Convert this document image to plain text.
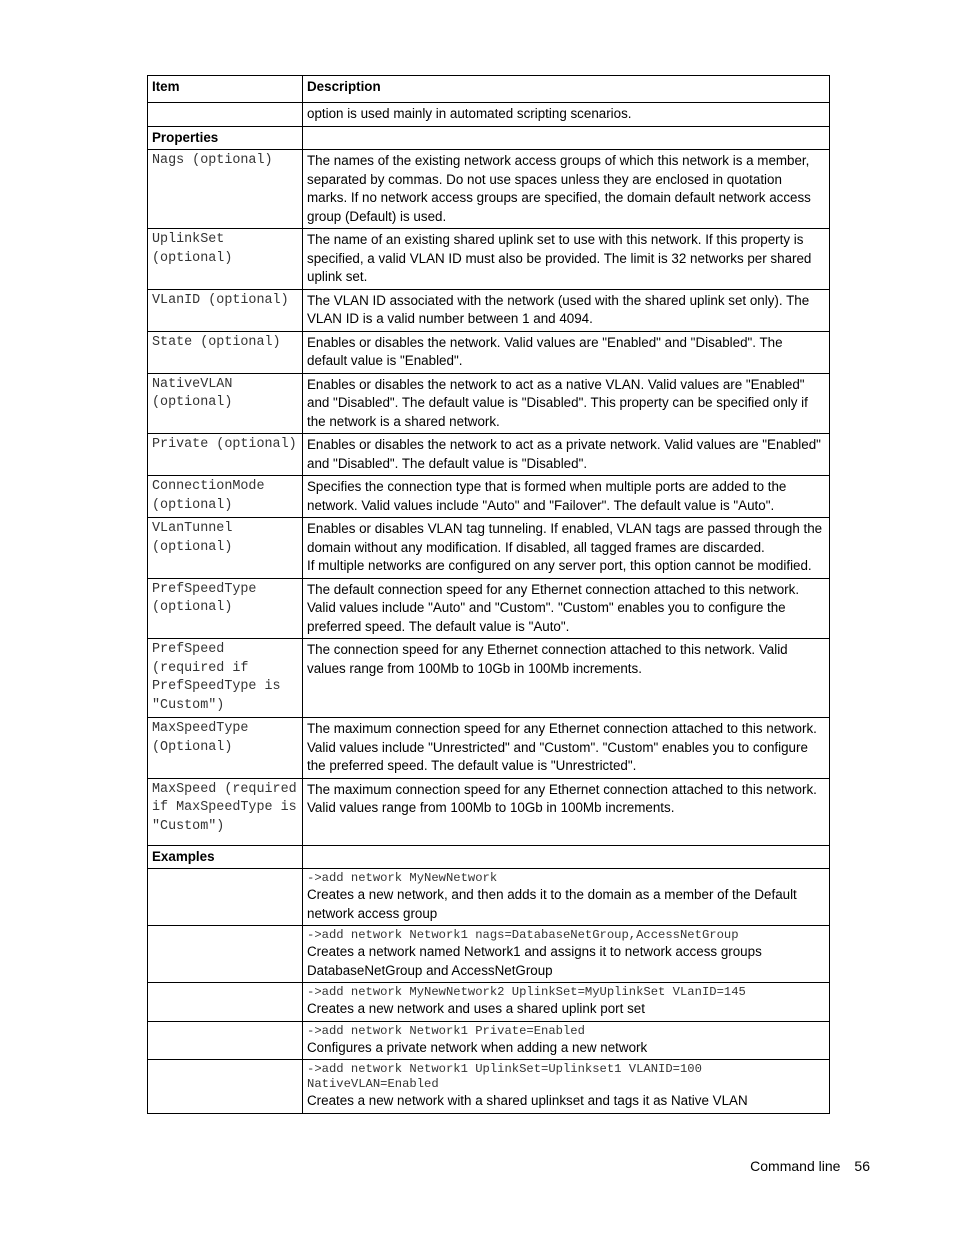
Item	Description
	option is used mainly in automated scripting scenarios.
Properties	
Nags (optional)	The names of the existing network access groups of which this network is a member, separated by commas. Do not use spaces unless they are enclosed in quotation marks. If no network access groups are specified, the domain default network access group (Default) is used.
UplinkSet (optional)	The name of an existing shared uplink set to use with this network. If this property is specified, a valid VLAN ID must also be provided. The limit is 32 networks per shared uplink set.
VLanID (optional)	The VLAN ID associated with the network (used with the shared uplink set only). The VLAN ID is a valid number between 1 and 4094.
State (optional)	Enables or disables the network. Valid values are "Enabled" and "Disabled". The default value is "Enabled".
NativeVLAN (optional)	Enables or disables the network to act as a native VLAN. Valid values are "Enabled" and "Disabled". The default value is "Disabled". This property can be specified only if the network is a shared network.
Private (optional)	Enables or disables the network to act as a private network. Valid values are "Enabled" and "Disabled". The default value is "Disabled".
ConnectionMode (optional)	Specifies the connection type that is formed when multiple ports are added to the network. Valid values include "Auto" and "Failover". The default value is "Auto".
VLanTunnel (optional)	Enables or disables VLAN tag tunneling. If enabled, VLAN tags are passed through the domain without any modification. If disabled, all tagged frames are discarded.
If multiple networks are configured on any server port, this option cannot be modified.

PrefSpeedType (optional)	The default connection speed for any Ethernet connection attached to this network. Valid values include "Auto" and "Custom". "Custom" enables you to configure the preferred speed. The default value is "Auto".
PrefSpeed (required if PrefSpeedType is "Custom")	The connection speed for any Ethernet connection attached to this network. Valid values range from 100Mb to 10Gb in 100Mb increments.
MaxSpeedType (Optional)	The maximum connection speed for any Ethernet connection attached to this network. Valid values include "Unrestricted" and "Custom". "Custom" enables you to configure the preferred speed. The default value is "Unrestricted".
MaxSpeed (required if MaxSpeedType is "Custom")	The maximum connection speed for any Ethernet connection attached to this network. Valid values range from 100Mb to 10Gb in 100Mb increments.
Examples	

	->add network MyNewNetwork
Creates a new network, and then adds it to the domain as a member of the Default network access group

	->add network Network1 nags=DatabaseNetGroup,AccessNetGroup
Creates a network named Network1 and assigns it to network access groups DatabaseNetGroup and AccessNetGroup

	->add network MyNewNetwork2 UplinkSet=MyUplinkSet VLanID=145
Creates a new network and uses a shared uplink port set

	->add network Network1 Private=Enabled
Configures a private network when adding a new network

	->add network Network1 UplinkSet=Uplinkset1 VLANID=100 NativeVLAN=Enabled
Creates a new network with a shared uplinkset and tags it as Native VLAN
Command line 56
